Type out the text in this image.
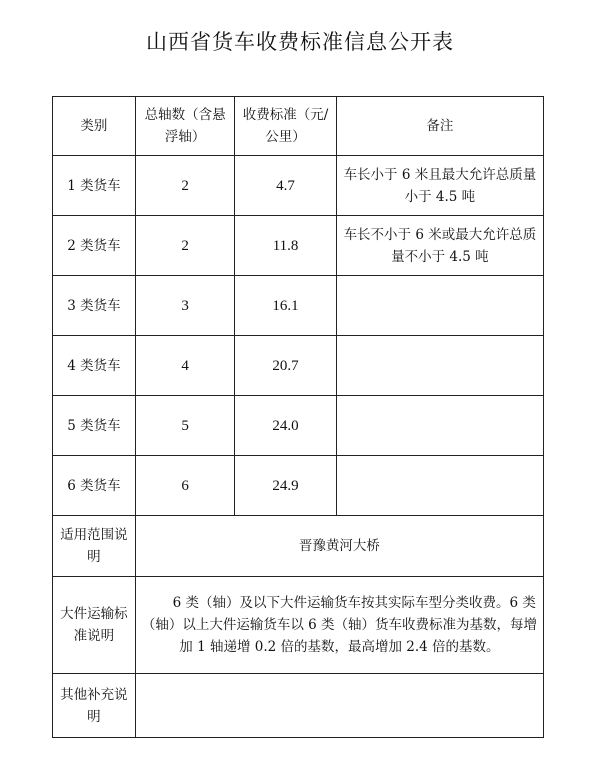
山西省货车收费标准信息公开表
类别	总轴数（含悬浮轴）	收费标准（元/公里）	备注
1 类货车	2	4.7	车长小于 6 米且最大允许总质量小于 4.5 吨
2 类货车	2	11.8	车长不小于 6 米或最大允许总质量不小于 4.5 吨
3 类货车	3	16.1	
4 类货车	4	20.7	
5 类货车	5	24.0	
6 类货车	6	24.9	
适用范围说明	晋豫黄河大桥		
大件运输标准说明	6 类（轴）及以下大件运输货车按其实际车型分类收费。6 类（轴）以上大件运输货车以 6 类（轴）货车收费标准为基数，每增加 1 轴递增 0.2 倍的基数，最高增加 2.4 倍的基数。		
其他补充说明			
